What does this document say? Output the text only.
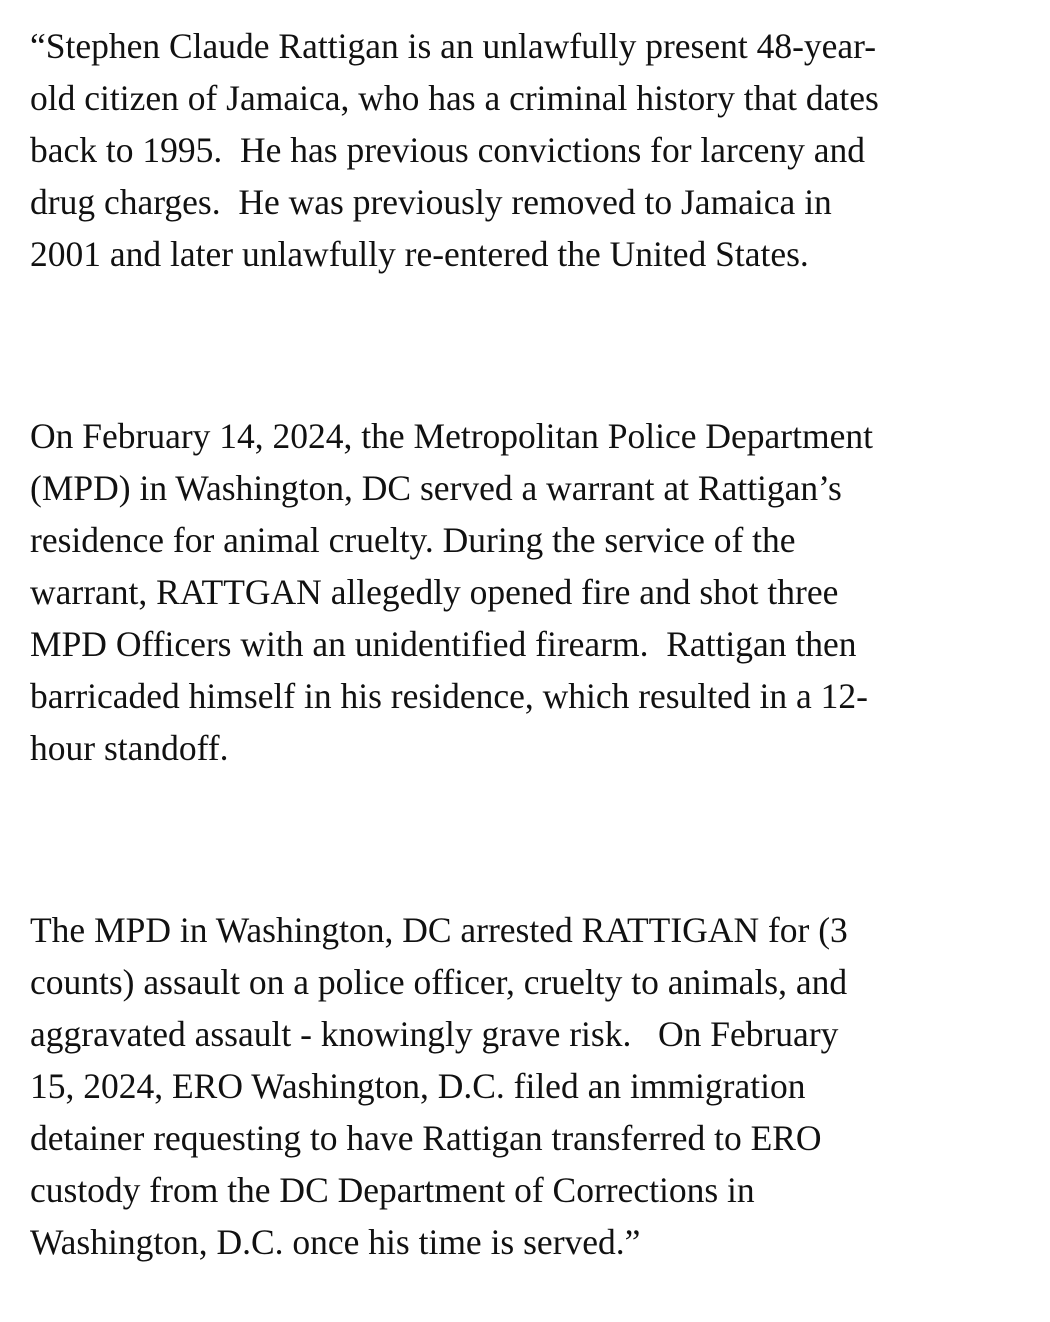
“Stephen Claude Rattigan is an unlawfully present 48-year-
old citizen of Jamaica, who has a criminal history that dates
back to 1995.  He has previous convictions for larceny and
drug charges.  He was previously removed to Jamaica in
2001 and later unlawfully re-entered the United States.
On February 14, 2024, the Metropolitan Police Department
(MPD) in Washington, DC served a warrant at Rattigan’s
residence for animal cruelty. During the service of the
warrant, RATTGAN allegedly opened fire and shot three
MPD Officers with an unidentified firearm.  Rattigan then
barricaded himself in his residence, which resulted in a 12-
hour standoff.
The MPD in Washington, DC arrested RATTIGAN for (3
counts) assault on a police officer, cruelty to animals, and
aggravated assault - knowingly grave risk.   On February
15, 2024, ERO Washington, D.C. filed an immigration
detainer requesting to have Rattigan transferred to ERO
custody from the DC Department of Corrections in
Washington, D.C. once his time is served.”
